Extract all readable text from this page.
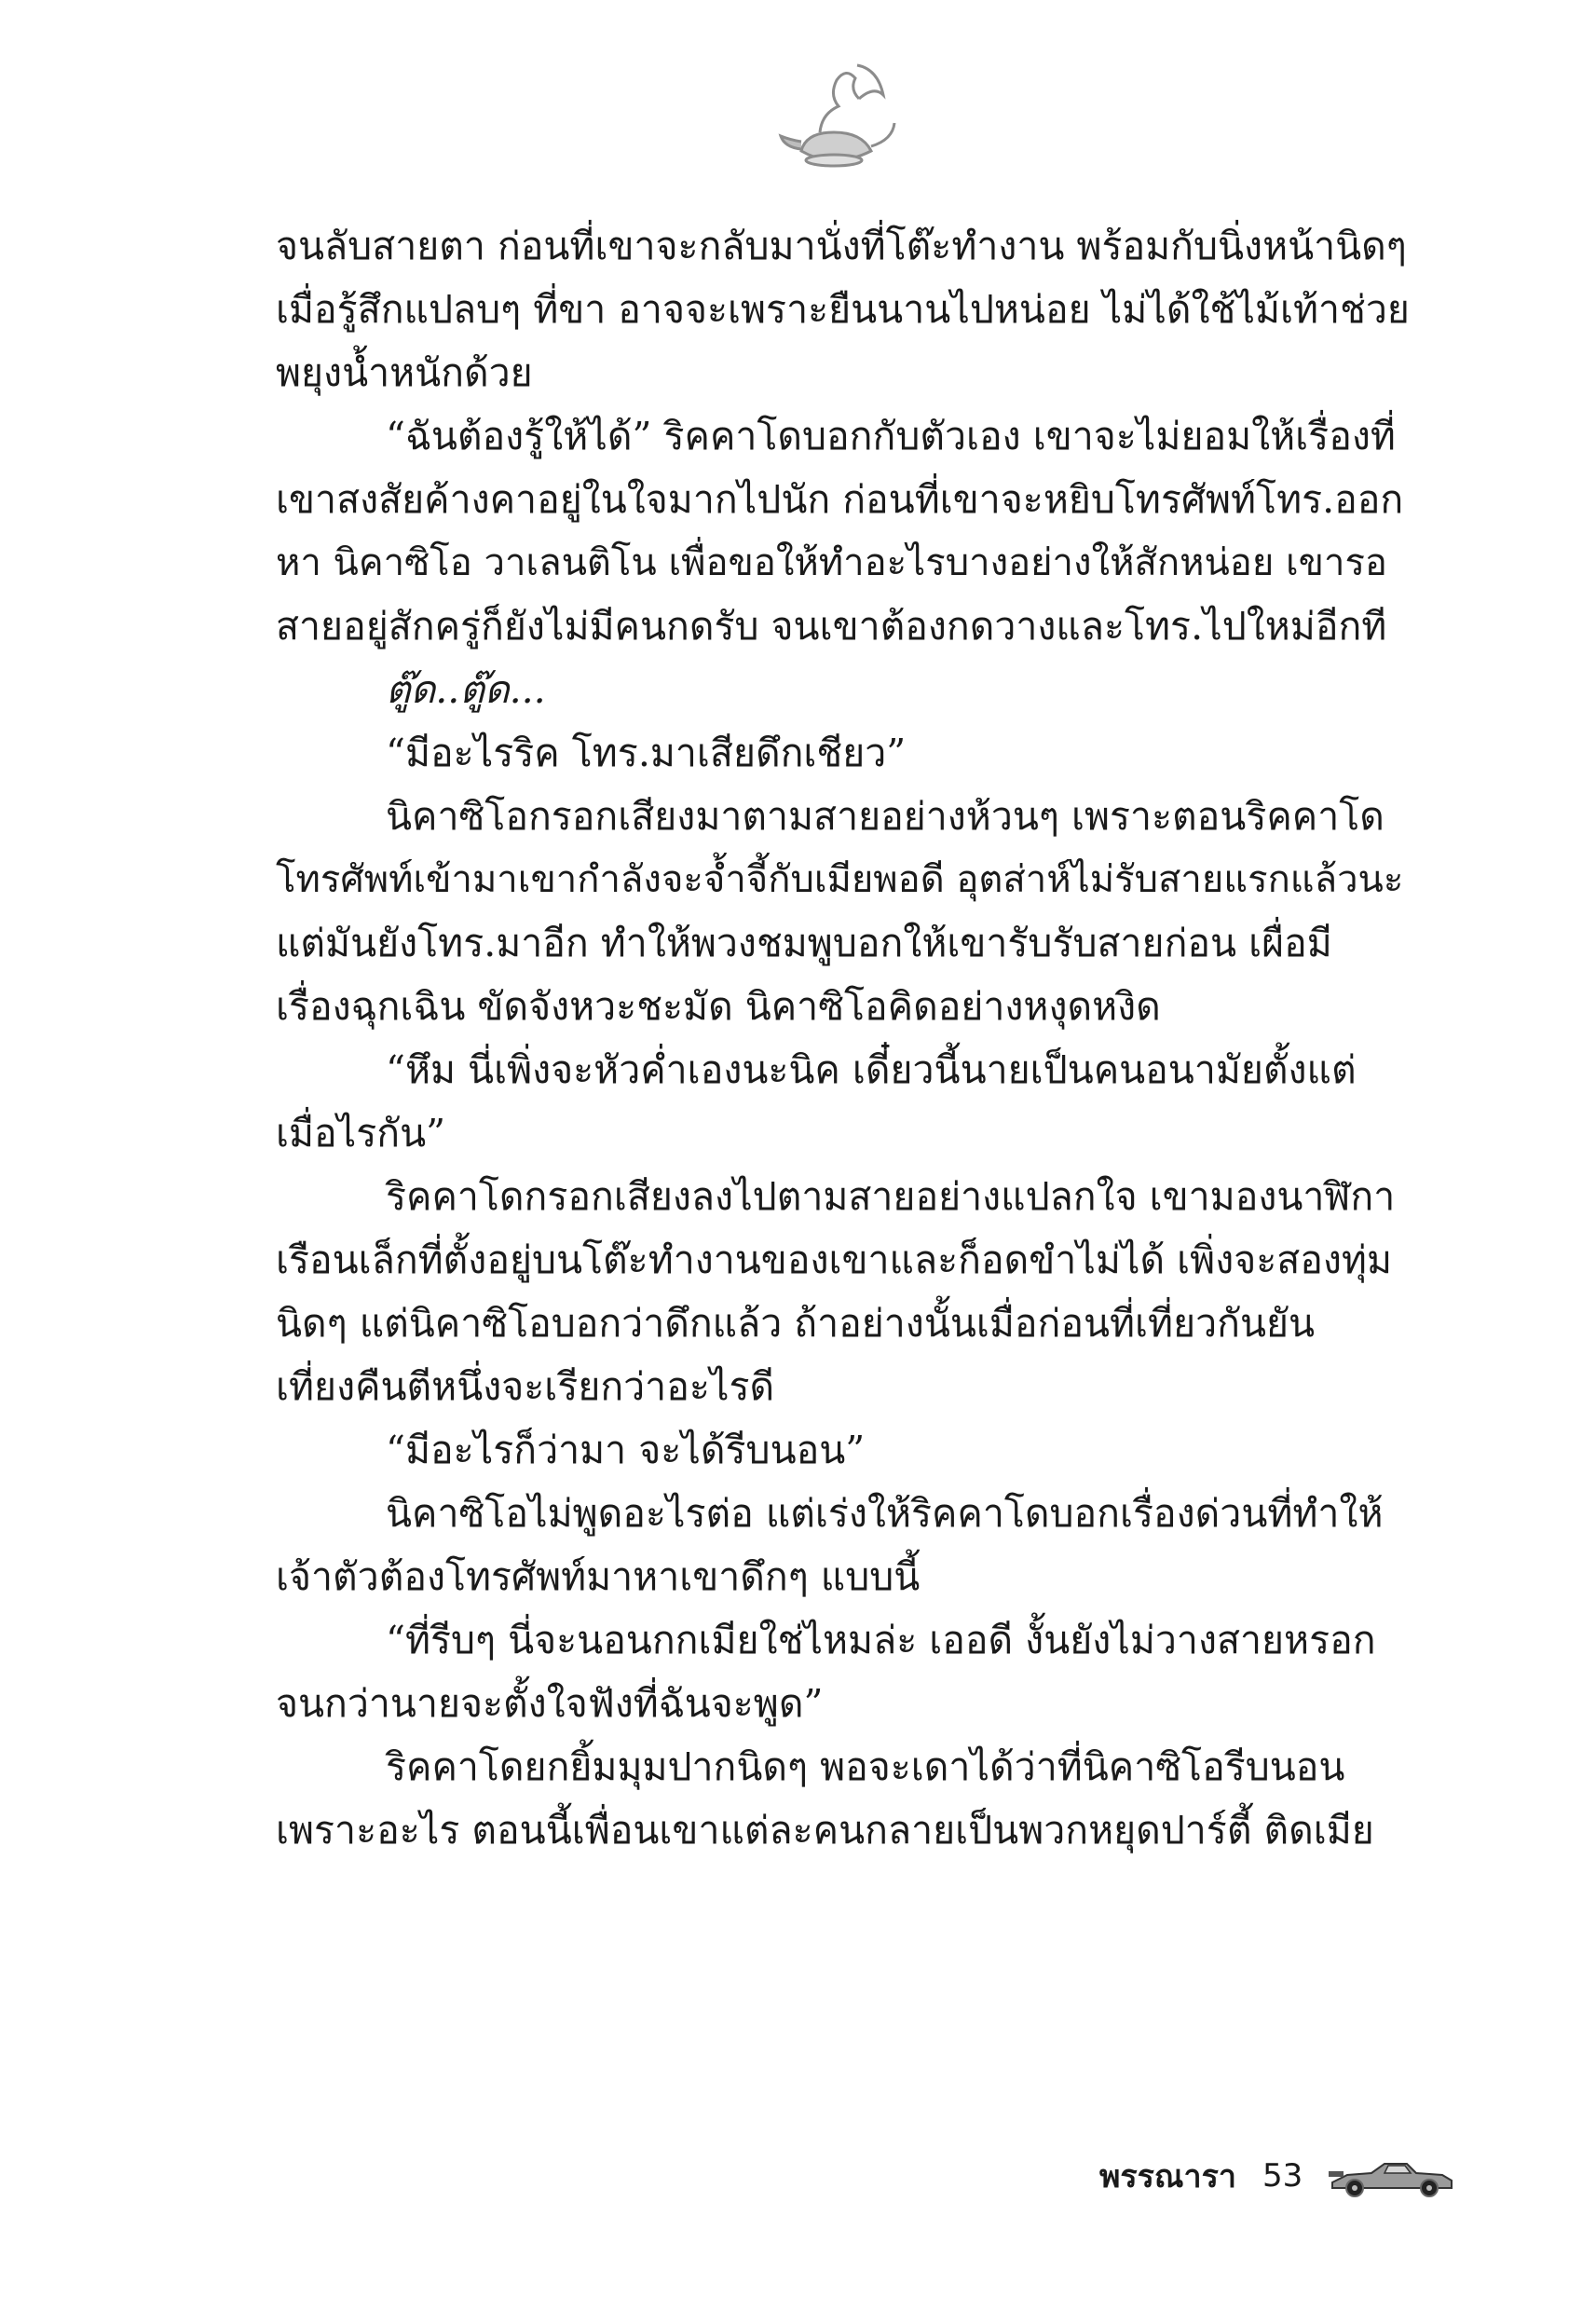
จนลับสายตา ก่อนที่เขาจะกลับมานั่งที่โต๊ะทำงาน พร้อมกับนิ่งหน้านิดๆ
เมื่อรู้สึกแปลบๆ ที่ขา อาจจะเพราะยืนนานไปหน่อย ไม่ได้ใช้ไม้เท้าช่วย
พยุงน้ำหนักด้วย
“ฉันต้องรู้ให้ได้” ริคคาโดบอกกับตัวเอง เขาจะไม่ยอมให้เรื่องที่
เขาสงสัยค้างคาอยู่ในใจมากไปนัก ก่อนที่เขาจะหยิบโทรศัพท์โทร.ออก
หา นิคาซิโอ วาเลนติโน เพื่อขอให้ทำอะไรบางอย่างให้สักหน่อย เขารอ
สายอยู่สักครู่ก็ยังไม่มีคนกดรับ จนเขาต้องกดวางและโทร.ไปใหม่อีกที
ตู๊ด..ตู๊ด...
“มีอะไรริค โทร.มาเสียดึกเชียว”
นิคาซิโอกรอกเสียงมาตามสายอย่างห้วนๆ เพราะตอนริคคาโด
โทรศัพท์เข้ามาเขากำลังจะจ้ำจี้กับเมียพอดี อุตส่าห์ไม่รับสายแรกแล้วนะ
แต่มันยังโทร.มาอีก ทำให้พวงชมพูบอกให้เขารับรับสายก่อน เผื่อมี
เรื่องฉุกเฉิน ขัดจังหวะชะมัด นิคาซิโอคิดอย่างหงุดหงิด
“หึม นี่เพิ่งจะหัวค่ำเองนะนิค เดี๋ยวนี้นายเป็นคนอนามัยตั้งแต่
เมื่อไรกัน”
ริคคาโดกรอกเสียงลงไปตามสายอย่างแปลกใจ เขามองนาฬิกา
เรือนเล็กที่ตั้งอยู่บนโต๊ะทำงานของเขาและก็อดขำไม่ได้ เพิ่งจะสองทุ่ม
นิดๆ แต่นิคาซิโอบอกว่าดึกแล้ว ถ้าอย่างนั้นเมื่อก่อนที่เที่ยวกันยัน
เที่ยงคืนตีหนึ่งจะเรียกว่าอะไรดี
“มีอะไรก็ว่ามา จะได้รีบนอน”
นิคาซิโอไม่พูดอะไรต่อ แต่เร่งให้ริคคาโดบอกเรื่องด่วนที่ทำให้
เจ้าตัวต้องโทรศัพท์มาหาเขาดึกๆ แบบนี้
“ที่รีบๆ นี่จะนอนกกเมียใช่ไหมล่ะ เออดี งั้นยังไม่วางสายหรอก
จนกว่านายจะตั้งใจฟังที่ฉันจะพูด”
ริคคาโดยกยิ้มมุมปากนิดๆ พอจะเดาได้ว่าที่นิคาซิโอรีบนอน
เพราะอะไร ตอนนี้เพื่อนเขาแต่ละคนกลายเป็นพวกหยุดปาร์ตี้ ติดเมีย
พรรณารา 53
